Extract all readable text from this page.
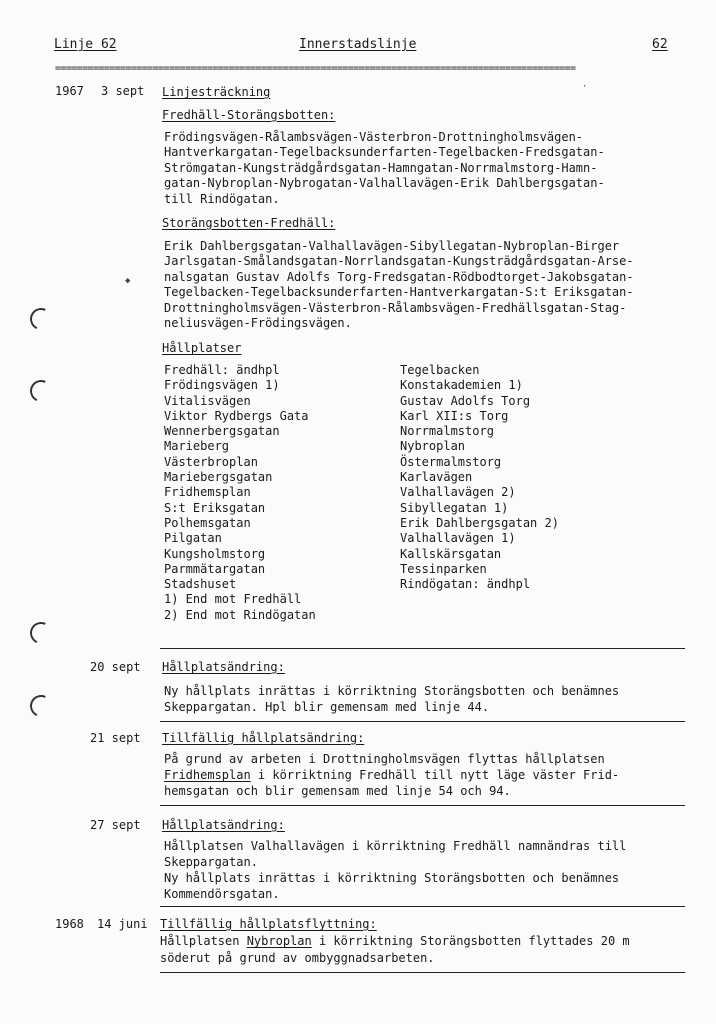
Linje 62	Innerstadslinje	62
================================================================================================
1967 3 sept Linjesträckning
Fredhäll-Storängsbotten:
Frödingsvägen-Rålambsvägen-Västerbron-Drottningholmsvägen-
Hantverkargatan-Tegelbacksunderfarten-Tegelbacken-Fredsgatan-
Strömgatan-Kungsträdgårdsgatan-Hamngatan-Norrmalmstorg-Hamn-
gatan-Nybroplan-Nybrogatan-Valhallavägen-Erik Dahlbergsgatan-
till Rindögatan.
Storängsbotten-Fredhäll:
Erik Dahlbergsgatan-Valhallavägen-Sibyllegatan-Nybroplan-Birger
Jarlsgatan-Smålandsgatan-Norrlandsgatan-Kungsträdgårdsgatan-Arse-
nalsgatan Gustav Adolfs Torg-Fredsgatan-Rödbodtorget-Jakobsgatan-
Tegelbacken-Tegelbacksunderfarten-Hantverkargatan-S:t Eriksgatan-
Drottningholmsvägen-Västerbron-Rålambsvägen-Fredhällsgatan-Stag-
neliusvägen-Frödingsvägen.
Hållplatser
Fredhäll: ändhpl
Frödingsvägen 1)
Vitalisvägen
Viktor Rydbergs Gata
Wennerbergsgatan
Marieberg
Västerbroplan
Mariebergsgatan
Fridhemsplan
S:t Eriksgatan
Polhemsgatan
Pilgatan
Kungsholmstorg
Parmmätargatan
Stadshuset
1) End mot Fredhäll
2) End mot Rindögatan
Tegelbacken
Konstakademien 1)
Gustav Adolfs Torg
Karl XII:s Torg
Norrmalmstorg
Nybroplan
Östermalmstorg
Karlavägen
Valhallavägen 2)
Sibyllegatan 1)
Erik Dahlbergsgatan 2)
Valhallavägen 1)
Kallskärsgatan
Tessinparken
Rindögatan: ändhpl
20 sept Hållplatsändring:
Ny hållplats inrättas i körriktning Storängsbotten och benämnes
Skeppargatan. Hpl blir gemensam med linje 44.
21 sept Tillfällig hållplatsändring:
På grund av arbeten i Drottningholmsvägen flyttas hållplatsen
Fridhemsplan i körriktning Fredhäll till nytt läge väster Frid-
hemsgatan och blir gemensam med linje 54 och 94.
27 sept Hållplatsändring:
Hållplatsen Valhallavägen i körriktning Fredhäll namnändras till
Skeppargatan.
Ny hållplats inrättas i körriktning Storängsbotten och benämnes
Kommendörsgatan.
1968 14 juni Tillfällig hållplatsflyttning:
Hållplatsen Nybroplan i körriktning Storängsbotten flyttades 20 m
söderut på grund av ombyggnadsarbeten.
◆
·
